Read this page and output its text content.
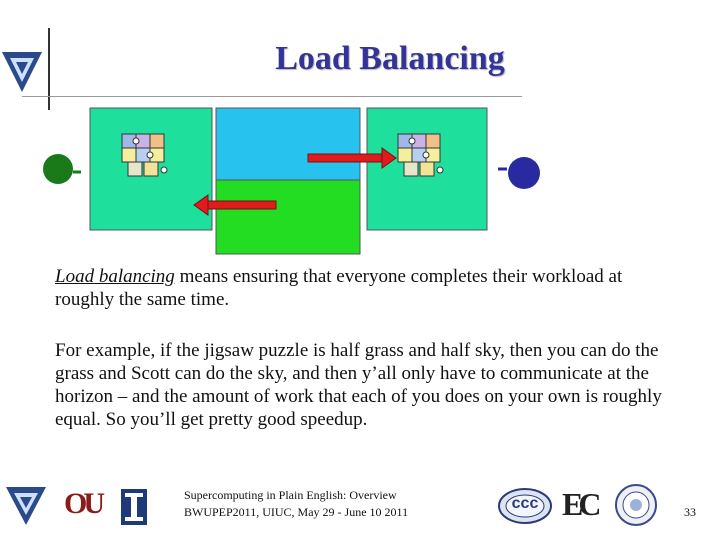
Load Balancing
Load balancing means ensuring that everyone completes their workload at roughly the same time.
For example, if the jigsaw puzzle is half grass and half sky, then you can do the grass and Scott can do the sky, and then y’all only have to communicate at the horizon – and the amount of work that each of you does on your own is roughly equal. So you’ll get pretty good speedup.
OU	Supercomputing in Plain English: Overview
BWUPEP2011, UIUC, May 29 - June 10 2011	ccc EC	33
